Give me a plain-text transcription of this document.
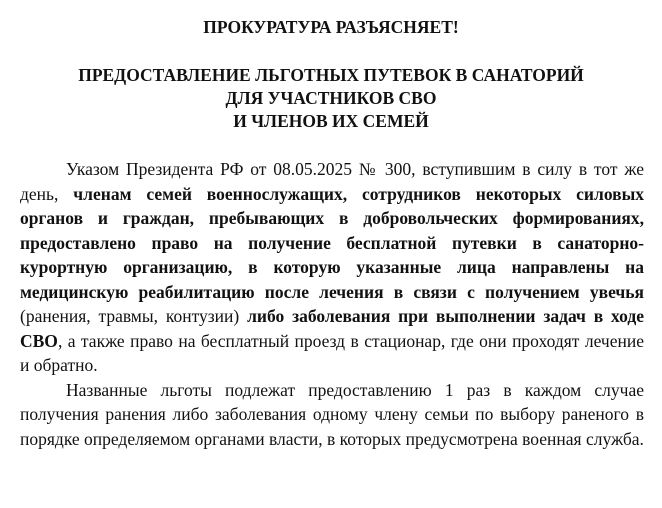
ПРОКУРАТУРА РАЗЪЯСНЯЕТ!
ПРЕДОСТАВЛЕНИЕ ЛЬГОТНЫХ ПУТЕВОК В САНАТОРИЙ
ДЛЯ УЧАСТНИКОВ СВО
И ЧЛЕНОВ ИХ СЕМЕЙ

Указом Президента РФ от 08.05.2025 № 300, вступившим в силу в тот же день, членам семей военнослужащих, сотрудников некоторых силовых органов и граждан, пребывающих в добровольческих формированиях, предоставлено право на получение бесплатной путевки в санаторно-курортную организацию, в которую указанные лица направлены на медицинскую реабилитацию после лечения в связи с получением увечья (ранения, травмы, контузии) либо заболевания при выполнении задач в ходе СВО, а также право на бесплатный проезд в стационар, где они проходят лечение и обратно.

Названные льготы подлежат предоставлению 1 раз в каждом случае получения ранения либо заболевания одному члену семьи по выбору раненого в порядке определяемом органами власти, в которых предусмотрена военная служба.
